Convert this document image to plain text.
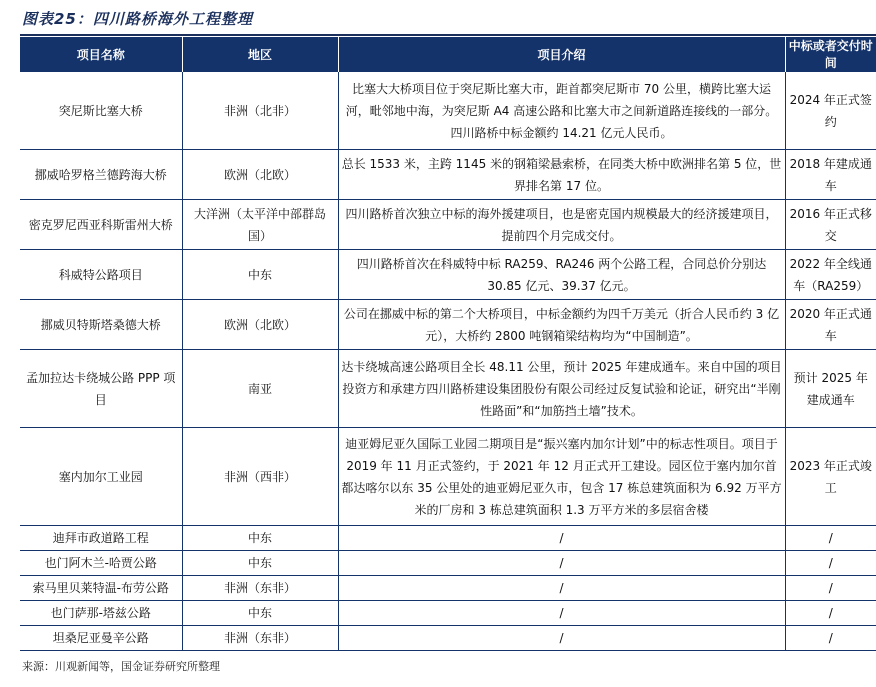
图表25：四川路桥海外工程整理
项目名称	地区	项目介绍	中标或者交付时间
突尼斯比塞大桥	非洲（北非）	比塞大大桥项目位于突尼斯比塞大市，距首都突尼斯市 70 公里，横跨比塞大运河，毗邻地中海，为突尼斯 A4 高速公路和比塞大市之间新道路连接线的一部分。四川路桥中标金额约 14.21 亿元人民币。	2024 年正式签约
挪威哈罗格兰德跨海大桥	欧洲（北欧）	总长 1533 米，主跨 1145 米的钢箱梁悬索桥，在同类大桥中欧洲排名第 5 位，世界排名第 17 位。	2018 年建成通车
密克罗尼西亚科斯雷州大桥	大洋洲（太平洋中部群岛国）	四川路桥首次独立中标的海外援建项目，也是密克国内规模最大的经济援建项目，提前四个月完成交付。	2016 年正式移交
科威特公路项目	中东	四川路桥首次在科威特中标 RA259、RA246 两个公路工程，合同总价分别达 30.85 亿元、39.37 亿元。	2022 年全线通车（RA259）
挪威贝特斯塔桑德大桥	欧洲（北欧）	公司在挪威中标的第二个大桥项目，中标金额约为四千万美元（折合人民币约 3 亿元），大桥约 2800 吨钢箱梁结构均为“中国制造”。	2020 年正式通车
孟加拉达卡绕城公路 PPP 项目	南亚	达卡绕城高速公路项目全长 48.11 公里，预计 2025 年建成通车。来自中国的项目投资方和承建方四川路桥建设集团股份有限公司经过反复试验和论证，研究出“半刚性路面”和“加筋挡土墙”技术。	预计 2025 年建成通车
塞内加尔工业园	非洲（西非）	迪亚姆尼亚久国际工业园二期项目是“振兴塞内加尔计划”中的标志性项目。项目于 2019 年 11 月正式签约，于 2021 年 12 月正式开工建设。园区位于塞内加尔首都达喀尔以东 35 公里处的迪亚姆尼亚久市，包含 17 栋总建筑面积为 6.92 万平方米的厂房和 3 栋总建筑面积 1.3 万平方米的多层宿舍楼	2023 年正式竣工
迪拜市政道路工程	中东	/	/
也门阿木兰-哈贾公路	中东	/	/
索马里贝莱特温-布劳公路	非洲（东非）	/	/
也门萨那-塔兹公路	中东	/	/
坦桑尼亚曼辛公路	非洲（东非）	/	/
来源：川观新闻等，国金证券研究所整理
